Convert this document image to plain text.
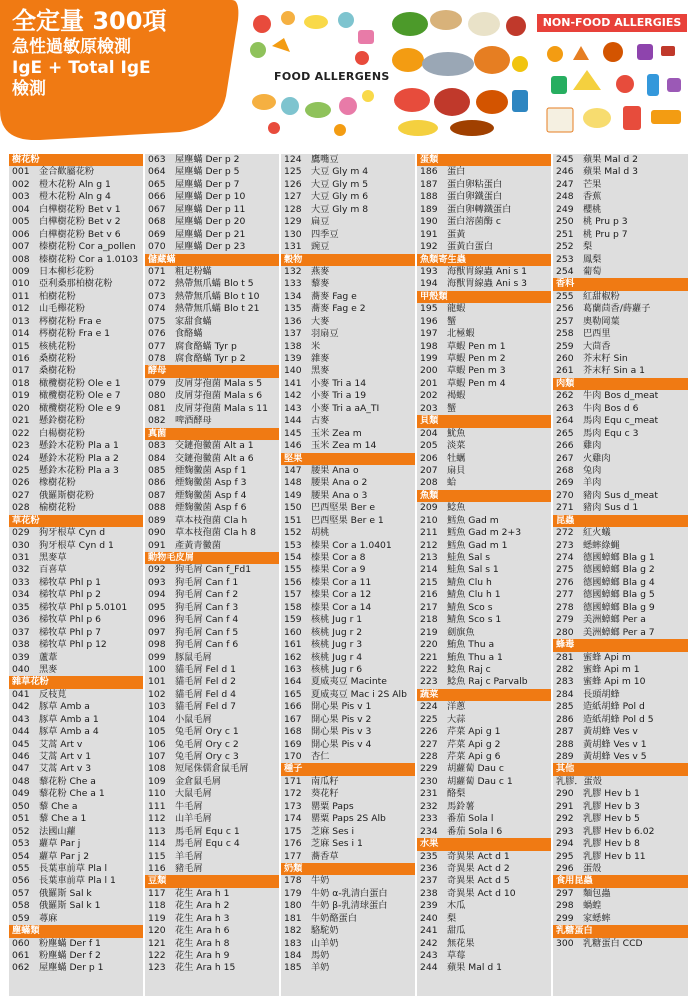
全定量 300項
急性過敏原檢測
IgE + Total IgE
檢測
FOOD ALLERGENS
NON-FOOD ALLERGIES
樹花粉
001 金合歡屬花粉
002 榿木花粉 Aln g 1
003 榿木花粉 Aln g 4
004 白樺樹花粉 Bet v 1
005 白樺樹花粉 Bet v 2
006 白樺樹花粉 Bet v 6
007 榛樹花粉 Cor a_pollen
008 榛樹花粉 Cor a 1.0103
009 日本柳杉花粉
010 亞利桑那柏樹花粉
011 柏樹花粉
012 山毛櫸花粉
013 梣樹花粉 Fra e
014 梣樹花粉 Fra e 1
015 核桃花粉
016 桑樹花粉
017 桑樹花粉
018 橄欖樹花粉 Ole e 1
019 橄欖樹花粉 Ole e 7
020 橄欖樹花粉 Ole e 9
021 懸鈴樹花粉
022 白楊樹花粉
023 懸鈴木花粉 Pla a 1
024 懸鈴木花粉 Pla a 2
025 懸鈴木花粉 Pla a 3
026 橡樹花粉
027 俄羅斯樹花粉
028 榆樹花粉
草花粉
029 狗牙根草 Cyn d
030 狗牙根草 Cyn d 1
031 黑麥草
032 百喜草
033 梯牧草 Phl p 1
034 梯牧草 Phl p 2
035 梯牧草 Phl p 5.0101
036 梯牧草 Phl p 6
037 梯牧草 Phl p 7
038 梯牧草 Phl p 12
039 蘆葦
040 黑麥
雜草花粉
041 反枝莧
042 豚草 Amb a
043 豚草 Amb a 1
044 豚草 Amb a 4
045 艾蒿 Art v
046 艾蒿 Art v 1
047 艾蒿 Art v 3
048 藜花粉 Che a
049 藜花粉 Che a 1
050 藜 Che a
051 藜 Che a 1
052 法國山蘿
053 蘿草 Par j
054 蘿草 Par j 2
055 長葉車前草 Pla l
056 長葉車前草 Pla l 1
057 俄羅斯 Sal k
058 俄羅斯 Sal k 1
059 蕁麻
塵蟎類
060 粉塵蟎 Der f 1
061 粉塵蟎 Der f 2
062 屋塵蟎 Der p 1
063 屋塵蟎 Der p 2
064 屋塵蟎 Der p 5
065 屋塵蟎 Der p 7
066 屋塵蟎 Der p 10
067 屋塵蟎 Der p 11
068 屋塵蟎 Der p 20
069 屋塵蟎 Der p 21
070 屋塵蟎 Der p 23
儲藏蟎
071 粗足粉蟎
072 熱帶無爪蟎 Blo t 5
073 熱帶無爪蟎 Blo t 10
074 熱帶無爪蟎 Blo t 21
075 家甜食蟎
076 食酪蟎
077 腐食酪蟎 Tyr p
078 腐食酪蟎 Tyr p 2
酵母
079 皮屑芽孢菌 Mala s 5
080 皮屑芽孢菌 Mala s 6
081 皮屑芽孢菌 Mala s 11
082 啤酒酵母
真菌
083 交鏈孢黴菌 Alt a 1
084 交鏈孢黴菌 Alt a 6
085 煙麴黴菌 Asp f 1
086 煙麴黴菌 Asp f 3
087 煙麴黴菌 Asp f 4
088 煙麴黴菌 Asp f 6
089 草本枝孢菌 Cla h
090 草本枝孢菌 Cla h 8
091 產黃青黴菌
動物毛皮屑
092 狗毛屑 Can f_Fd1
093 狗毛屑 Can f 1
094 狗毛屑 Can f 2
095 狗毛屑 Can f 3
096 狗毛屑 Can f 4
097 狗毛屑 Can f 5
098 狗毛屑 Can f 6
099 豚鼠毛屑
100 貓毛屑 Fel d 1
101 貓毛屑 Fel d 2
102 貓毛屑 Fel d 4
103 貓毛屑 Fel d 7
104 小鼠毛屑
105 兔毛屑 Ory c 1
106 兔毛屑 Ory c 2
107 兔毛屑 Ory c 3
108 短尾侏儒倉鼠毛屑
109 金倉鼠毛屑
110 大鼠毛屑
111 牛毛屑
112 山羊毛屑
113 馬毛屑 Equ c 1
114 馬毛屑 Equ c 4
115 羊毛屑
116 豬毛屑
豆類
117 花生 Ara h 1
118 花生 Ara h 2
119 花生 Ara h 3
120 花生 Ara h 6
121 花生 Ara h 8
122 花生 Ara h 9
123 花生 Ara h 15
124 鷹嘴豆
125 大豆 Gly m 4
126 大豆 Gly m 5
127 大豆 Gly m 6
128 大豆 Gly m 8
129 扁豆
130 四季豆
131 豌豆
穀物
132 燕麥
133 藜麥
134 蕎麥 Fag e
135 蕎麥 Fag e 2
136 大麥
137 羽扇豆
138 米
139 雜麥
140 黑麥
141 小麥 Tri a 14
142 小麥 Tri a 19
143 小麥 Tri a aA_TI
144 古麥
145 玉米 Zea m
146 玉米 Zea m 14
堅果
147 腰果 Ana o
148 腰果 Ana o 2
149 腰果 Ana o 3
150 巴西堅果 Ber e
151 巴西堅果 Ber e 1
152 胡桃
153 榛果 Cor a 1.0401
154 榛果 Cor a 8
155 榛果 Cor a 9
156 榛果 Cor a 11
157 榛果 Cor a 12
158 榛果 Cor a 14
159 核桃 Jug r 1
160 核桃 Jug r 2
161 核桃 Jug r 3
162 核桃 Jug r 4
163 核桃 Jug r 6
164 夏威夷豆 Macinte
165 夏威夷豆 Mac i 2S Alb
166 開心果 Pis v 1
167 開心果 Pis v 2
168 開心果 Pis v 3
169 開心果 Pis v 4
170 杏仁
種子
171 南瓜籽
172 葵花籽
173 罌粟 Paps
174 罌粟 Paps 2S Alb
175 芝麻 Ses i
176 芝麻 Ses i 1
177 蕎香草
奶類
178 牛奶
179 牛奶 α-乳清白蛋白
180 牛奶 β-乳清球蛋白
181 牛奶酪蛋白
182 駱駝奶
183 山羊奶
184 馬奶
185 羊奶
蛋類
186 蛋白
187 蛋白卵粘蛋白
188 蛋白卵鐵蛋白
189 蛋白卵轉鐵蛋白
190 蛋白溶菌酶 c
191 蛋黃
192 蛋黃白蛋白
魚類寄生蟲
193 海獸胃線蟲 Ani s 1
194 海獸胃線蟲 Ani s 3
甲殼類
195 龍蝦
196 蟹
197 北極蝦
198 草蝦 Pen m 1
199 草蝦 Pen m 2
200 草蝦 Pen m 3
201 草蝦 Pen m 4
202 褐蝦
203 蟹
貝類
204 魷魚
205 淡菜
206 牡蠣
207 扇貝
208 蛤
魚類
209 鯰魚
210 鱈魚 Gad m
211 鱈魚 Gad m 2+3
212 鱈魚 Gad m 1
213 鮭魚 Sal s
214 鮭魚 Sal s 1
215 鯖魚 Clu h
216 鯖魚 Clu h 1
217 鯖魚 Sco s
218 鯖魚 Sco s 1
219 劍旗魚
220 鮪魚 Thu a
221 鮪魚 Thu a 1
222 鯰魚 Raj c
223 鯰魚 Raj c Parvalb
蔬菜
224 洋蔥
225 大蒜
226 芹菜 Api g 1
227 芹菜 Api g 2
228 芹菜 Api g 6
229 胡蘿蔔 Dau c
230 胡蘿蔔 Dau c 1
231 酪梨
232 馬鈴薯
233 番茄 Sola l
234 番茄 Sola l 6
水果
235 奇異果 Act d 1
236 奇異果 Act d 2
237 奇異果 Act d 5
238 奇異果 Act d 10
239 木瓜
240 梨
241 甜瓜
242 無花果
243 草莓
244 蘋果 Mal d 1
245 蘋果 Mal d 2
246 蘋果 Mal d 3
247 芒果
248 香蕉
249 櫻桃
250 桃 Pru p 3
251 桃 Pru p 7
252 梨
253 鳳梨
254 葡萄
香料
255 紅甜椒粉
256 葛蘭茴香/蒔蘿子
257 奧勒岡葉
258 巴西里
259 大茴香
260 芥末籽 Sin
261 芥末籽 Sin a 1
肉類
262 牛肉 Bos d_meat
263 牛肉 Bos d 6
264 馬肉 Equ c_meat
265 馬肉 Equ c 3
266 雞肉
267 火雞肉
268 兔肉
269 羊肉
270 豬肉 Sus d_meat
271 豬肉 Sus d 1
昆蟲
272 紅火蟻
273 蟋蟀綠蝿
274 德國蟑螂 Bla g 1
275 德國蟑螂 Bla g 2
276 德國蟑螂 Bla g 4
277 德國蟑螂 Bla g 5
278 德國蟑螂 Bla g 9
279 美洲蟑螂 Per a
280 美洲蟑螂 Per a 7
蜂毒
281 蜜蜂 Api m
282 蜜蜂 Api m 1
283 蜜蜂 Api m 10
284 長頭胡蜂
285 造紙胡蜂 Pol d
286 造紙胡蜂 Pol d 5
287 黃胡蜂 Ves v
288 黃胡蜂 Ves v 1
289 黃胡蜂 Ves v 5
其他
乳膠．蛋殼
290 乳膠 Hev b 1
291 乳膠 Hev b 3
292 乳膠 Hev b 5
293 乳膠 Hev b 6.02
294 乳膠 Hev b 8
295 乳膠 Hev b 11
296 蛋殼
食用昆蟲
297 麵包蟲
298 蝸蝗
299 家蟋蟀
乳糖蛋白
300 乳糖蛋白 CCD
